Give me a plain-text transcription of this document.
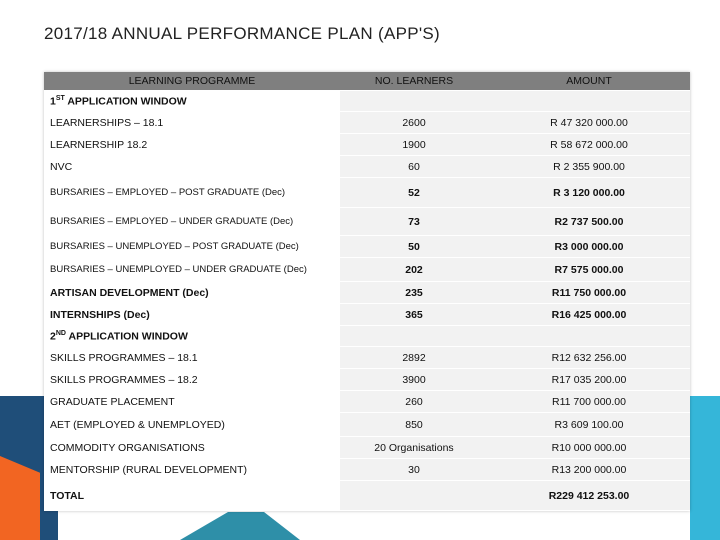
2017/18 ANNUAL PERFORMANCE PLAN (APP'S)
LEARNING PROGRAMME	NO. LEARNERS	AMOUNT
1ST APPLICATION WINDOW		
LEARNERSHIPS – 18.1	2600	R 47 320 000.00
LEARNERSHIP 18.2	1900	R 58 672 000.00
NVC	60	R 2 355 900.00
BURSARIES – EMPLOYED – POST GRADUATE (Dec)	52	R 3 120 000.00
BURSARIES – EMPLOYED – UNDER GRADUATE (Dec)	73	R2 737 500.00
BURSARIES – UNEMPLOYED – POST GRADUATE (Dec)	50	R3 000 000.00
BURSARIES – UNEMPLOYED – UNDER GRADUATE (Dec)	202	R7 575 000.00
ARTISAN DEVELOPMENT (Dec)	235	R11 750 000.00
INTERNSHIPS (Dec)	365	R16 425 000.00
2ND APPLICATION WINDOW		
SKILLS PROGRAMMES – 18.1	2892	R12 632 256.00
SKILLS PROGRAMMES – 18.2	3900	R17 035 200.00
GRADUATE PLACEMENT	260	R11 700 000.00
AET (EMPLOYED & UNEMPLOYED)	850	R3 609 100.00
COMMODITY ORGANISATIONS	20 Organisations	R10 000 000.00
MENTORSHIP (RURAL DEVELOPMENT)	30	R13 200 000.00
TOTAL		R229 412 253.00
